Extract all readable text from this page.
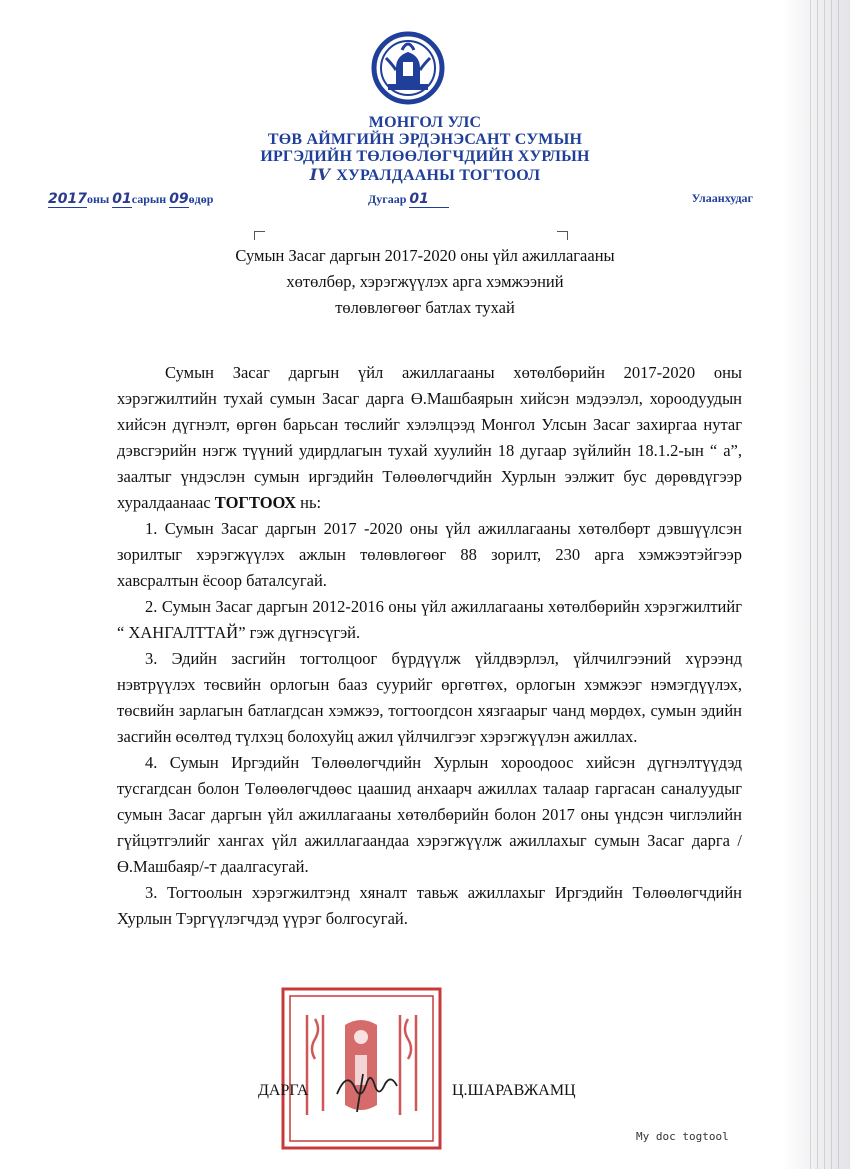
МОНГОЛ УЛС
ТӨВ АЙМГИЙН ЭРДЭНЭСАНТ СУМЫН
ИРГЭДИЙН ТӨЛӨӨЛӨГЧДИЙН ХУРЛЫН
IV ХУРАЛДААНЫ ТОГТООЛ
2017оны 01сарын 09өдөр	Дугаар 01	Улаанхудаг
Сумын Засаг даргын 2017-2020 оны үйл ажиллагааны
хөтөлбөр, хэрэгжүүлэх арга хэмжээний
төлөвлөгөөг батлах тухай

Сумын Засаг даргын үйл ажиллагааны хөтөлбөрийн 2017-2020 оны хэрэгжилтийн тухай сумын Засаг дарга Ө.Машбаярын хийсэн мэдээлэл, хороодуудын хийсэн дүгнэлт, өргөн барьсан төслийг хэлэлцээд Монгол Улсын Засаг захиргаа нутаг дэвсгэрийн нэгж түүний удирдлагын тухай хуулийн 18 дугаар зүйлийн 18.1.2-ын “ а”, заалтыг үндэслэн сумын иргэдийн Төлөөлөгчдийн Хурлын ээлжит бус дөрөвдүгээр хуралдаанаас ТОГТООХ нь:

1. Сумын Засаг даргын 2017 -2020 оны үйл ажиллагааны хөтөлбөрт дэвшүүлсэн зорилтыг хэрэгжүүлэх ажлын төлөвлөгөөг 88 зорилт, 230 арга хэмжээтэйгээр хавсралтын ёсоор баталсугай.

2. Сумын Засаг даргын 2012-2016 оны үйл ажиллагааны хөтөлбөрийн хэрэгжилтийг “ ХАНГАЛТТАЙ” гэж дүгнэсүгэй.

3. Эдийн засгийн тогтолцоог бүрдүүлж үйлдвэрлэл, үйлчилгээний хүрээнд нэвтрүүлэх төсвийн орлогын бааз суурийг өргөтгөх, орлогын хэмжээг нэмэгдүүлэх, төсвийн зарлагын батлагдсан хэмжээ, тогтоогдсон хязгаарыг чанд мөрдөх, сумын эдийн засгийн өсөлтөд түлхэц болохуйц ажил үйлчилгээг хэрэгжүүлэн ажиллах.

4. Сумын Иргэдийн Төлөөлөгчдийн Хурлын хороодоос хийсэн дүгнэлтүүдэд тусгагдсан болон Төлөөлөгчдөөс цаашид анхаарч ажиллах талаар гаргасан саналуудыг сумын Засаг даргын үйл ажиллагааны хөтөлбөрийн болон 2017 оны үндсэн чиглэлийн гүйцэтгэлийг хангах үйл ажиллагаандаа хэрэгжүүлж ажиллахыг сумын Засаг дарга /Ө.Машбаяр/-т даалгасугай.

3. Тогтоолын хэрэгжилтэнд хяналт тавьж ажиллахыг Иргэдийн Төлөөлөгчдийн Хурлын Тэргүүлэгчдэд үүрэг болгосугай.

ДАРГА	Ц.ШАРАВЖАМЦ
My doc togtool
